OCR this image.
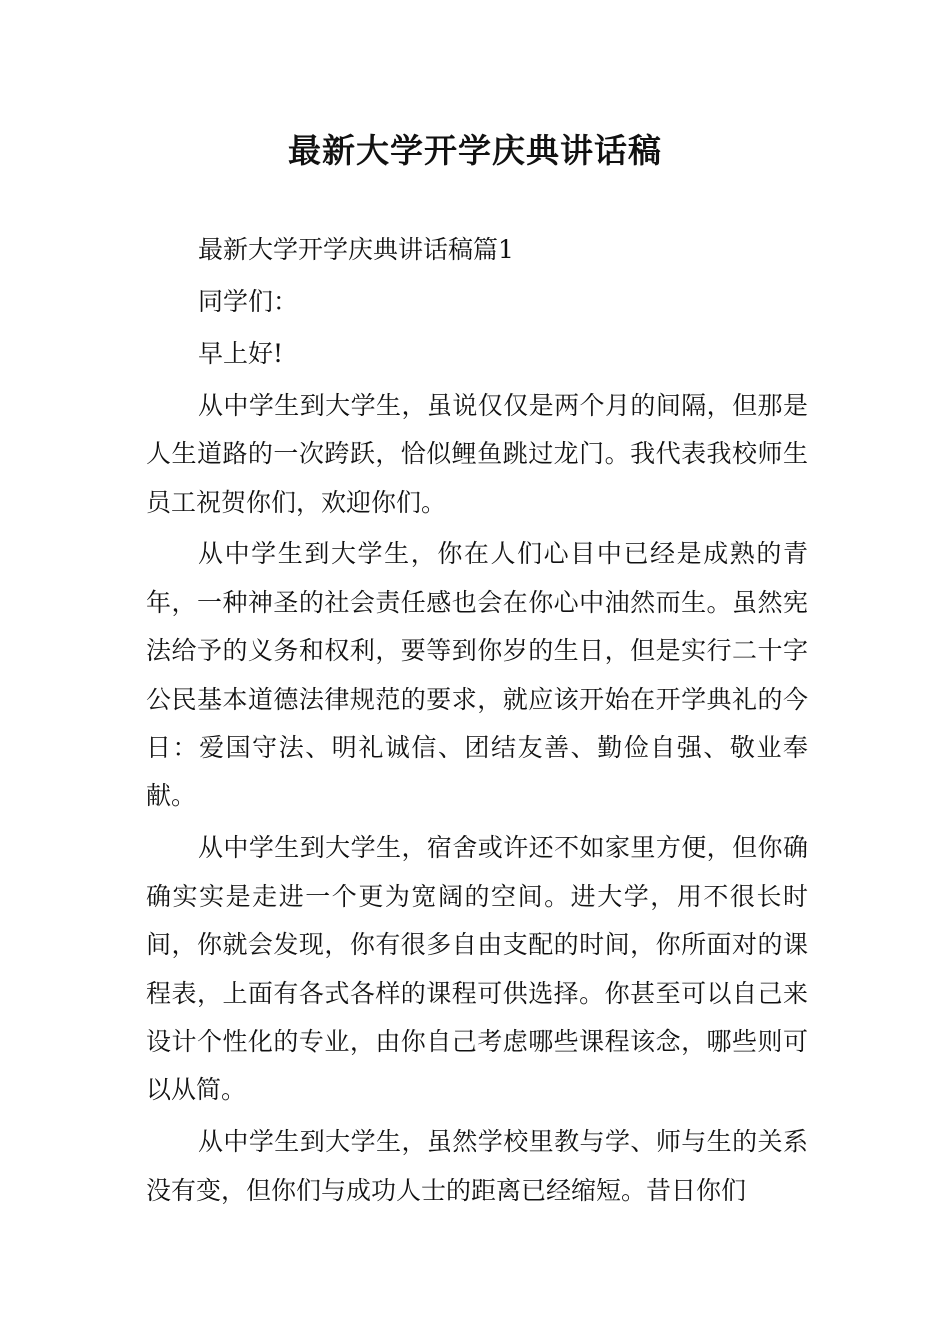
最新大学开学庆典讲话稿

最新大学开学庆典讲话稿篇1

同学们：

早上好!

从中学生到大学生，虽说仅仅是两个月的间隔，但那是人生道路的一次跨跃，恰似鲤鱼跳过龙门。我代表我校师生员工祝贺你们，欢迎你们。

从中学生到大学生，你在人们心目中已经是成熟的青年，一种神圣的社会责任感也会在你心中油然而生。虽然宪法给予的义务和权利，要等到你岁的生日，但是实行二十字公民基本道德法律规范的要求，就应该开始在开学典礼的今日：爱国守法、明礼诚信、团结友善、勤俭自强、敬业奉献。

从中学生到大学生，宿舍或许还不如家里方便，但你确确实实是走进一个更为宽阔的空间。进大学，用不很长时间，你就会发现，你有很多自由支配的时间，你所面对的课程表，上面有各式各样的课程可供选择。你甚至可以自己来设计个性化的专业，由你自己考虑哪些课程该念，哪些则可以从简。

从中学生到大学生，虽然学校里教与学、师与生的关系没有变，但你们与成功人士的距离已经缩短。昔日你们
